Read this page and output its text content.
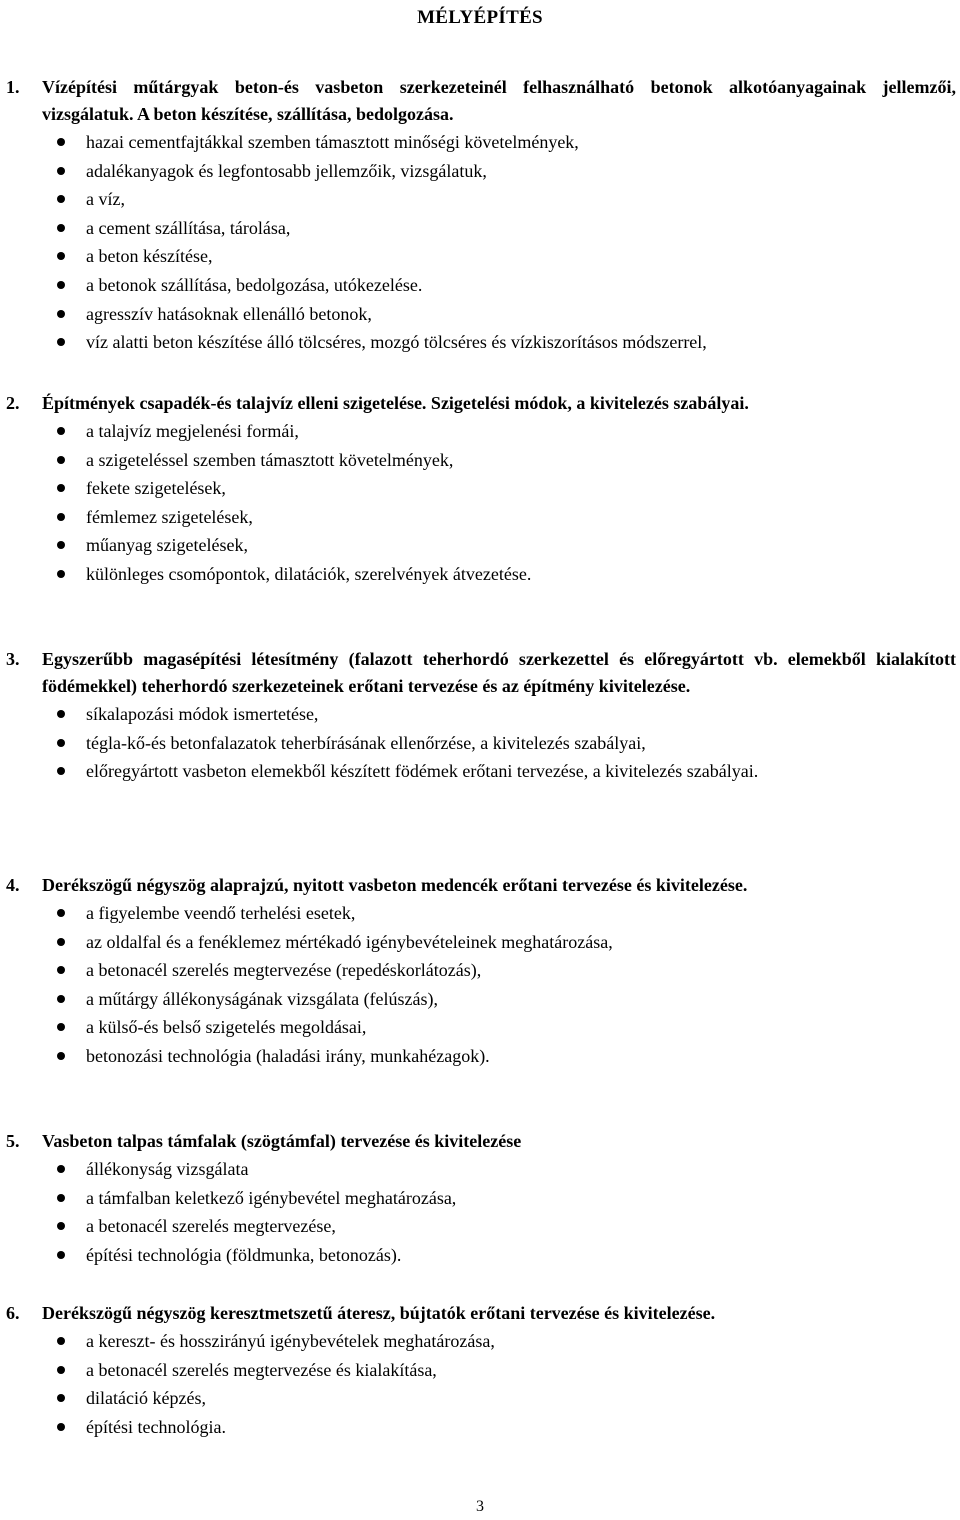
MÉLYÉPÍTÉS
1. Vízépítési műtárgyak beton-és vasbeton szerkezeteinél felhasználható betonok alkotóanyagainak jellemzői, vizsgálatuk. A beton készítése, szállítása, bedolgozása.
hazai cementfajtákkal szemben támasztott minőségi követelmények,
adalékanyagok és legfontosabb jellemzőik, vizsgálatuk,
a víz,
a cement szállítása, tárolása,
a beton készítése,
a betonok szállítása, bedolgozása, utókezelése.
agresszív hatásoknak ellenálló betonok,
víz alatti beton készítése álló tölcséres, mozgó tölcséres és vízkiszorításos módszerrel,
2. Építmények csapadék-és talajvíz elleni szigetelése. Szigetelési módok, a kivitelezés szabályai.
a talajvíz megjelenési formái,
a szigeteléssel szemben támasztott követelmények,
fekete szigetelések,
fémlemez szigetelések,
műanyag szigetelések,
különleges csomópontok, dilatációk, szerelvények átvezetése.
3. Egyszerűbb magasépítési létesítmény (falazott teherhordó szerkezettel és előregyártott vb. elemekből kialakított födémekkel) teherhordó szerkezeteinek erőtani tervezése és az építmény kivitelezése.
síkalapozási módok ismertetése,
tégla-kő-és betonfalazatok teherbírásának ellenőrzése, a kivitelezés szabályai,
előregyártott vasbeton elemekből készített födémek erőtani tervezése, a kivitelezés szabályai.
4. Derékszögű négyszög alaprajzú, nyitott vasbeton medencék erőtani tervezése és kivitelezése.
a figyelembe veendő terhelési esetek,
az oldalfal és a fenéklemez mértékadó igénybevételeinek meghatározása,
a betonacél szerelés megtervezése (repedéskorlátozás),
a műtárgy állékonyságának vizsgálata (felúszás),
a külső-és belső szigetelés megoldásai,
betonozási technológia (haladási irány, munkahézagok).
5. Vasbeton talpas támfalak (szögtámfal) tervezése és kivitelezése
állékonyság vizsgálata
a támfalban keletkező igénybevétel meghatározása,
a betonacél szerelés megtervezése,
építési technológia (földmunka, betonozás).
6. Derékszögű négyszög keresztmetszetű áteresz, bújtatók erőtani tervezése és kivitelezése.
a kereszt- és hosszirányú igénybevételek meghatározása,
a betonacél szerelés megtervezése és kialakítása,
dilatáció képzés,
építési technológia.
3
